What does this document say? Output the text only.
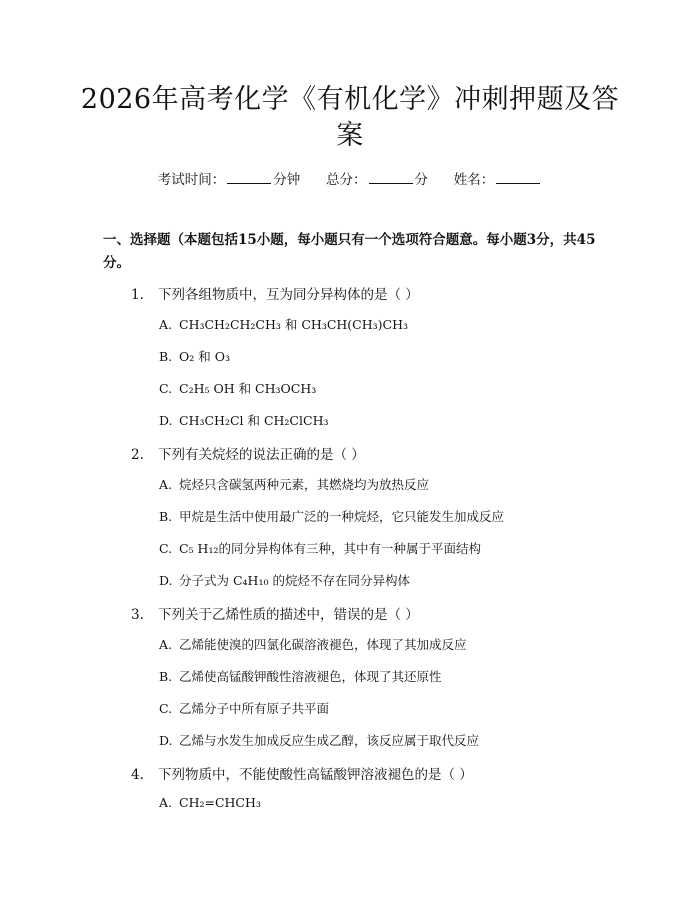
2026年高考化学《有机化学》冲刺押题及答
案
考试时间：	分钟 总分：	分 姓名：
一、选择题（本题包括15小题，每小题只有一个选项符合题意。每小题3分，共45分。
1. 下列各组物质中，互为同分异构体的是（ ）
A. CH₃CH₂CH₂CH₃ 和 CH₃CH(CH₃)CH₃
B. O₂ 和 O₃
C. C₂H₅ OH 和 CH₃OCH₃
D. CH₃CH₂Cl 和 CH₂ClCH₃
2. 下列有关烷烃的说法正确的是（ ）
A. 烷烃只含碳氢两种元素，其燃烧均为放热反应
B. 甲烷是生活中使用最广泛的一种烷烃，它只能发生加成反应
C. C₅ H₁₂的同分异构体有三种，其中有一种属于平面结构
D. 分子式为 C₄H₁₀ 的烷烃不存在同分异构体
3. 下列关于乙烯性质的描述中，错误的是（ ）
A. 乙烯能使溴的四氯化碳溶液褪色，体现了其加成反应
B. 乙烯使高锰酸钾酸性溶液褪色，体现了其还原性
C. 乙烯分子中所有原子共平面
D. 乙烯与水发生加成反应生成乙醇，该反应属于取代反应
4. 下列物质中，不能使酸性高锰酸钾溶液褪色的是（ ）
A. CH₂=CHCH₃
